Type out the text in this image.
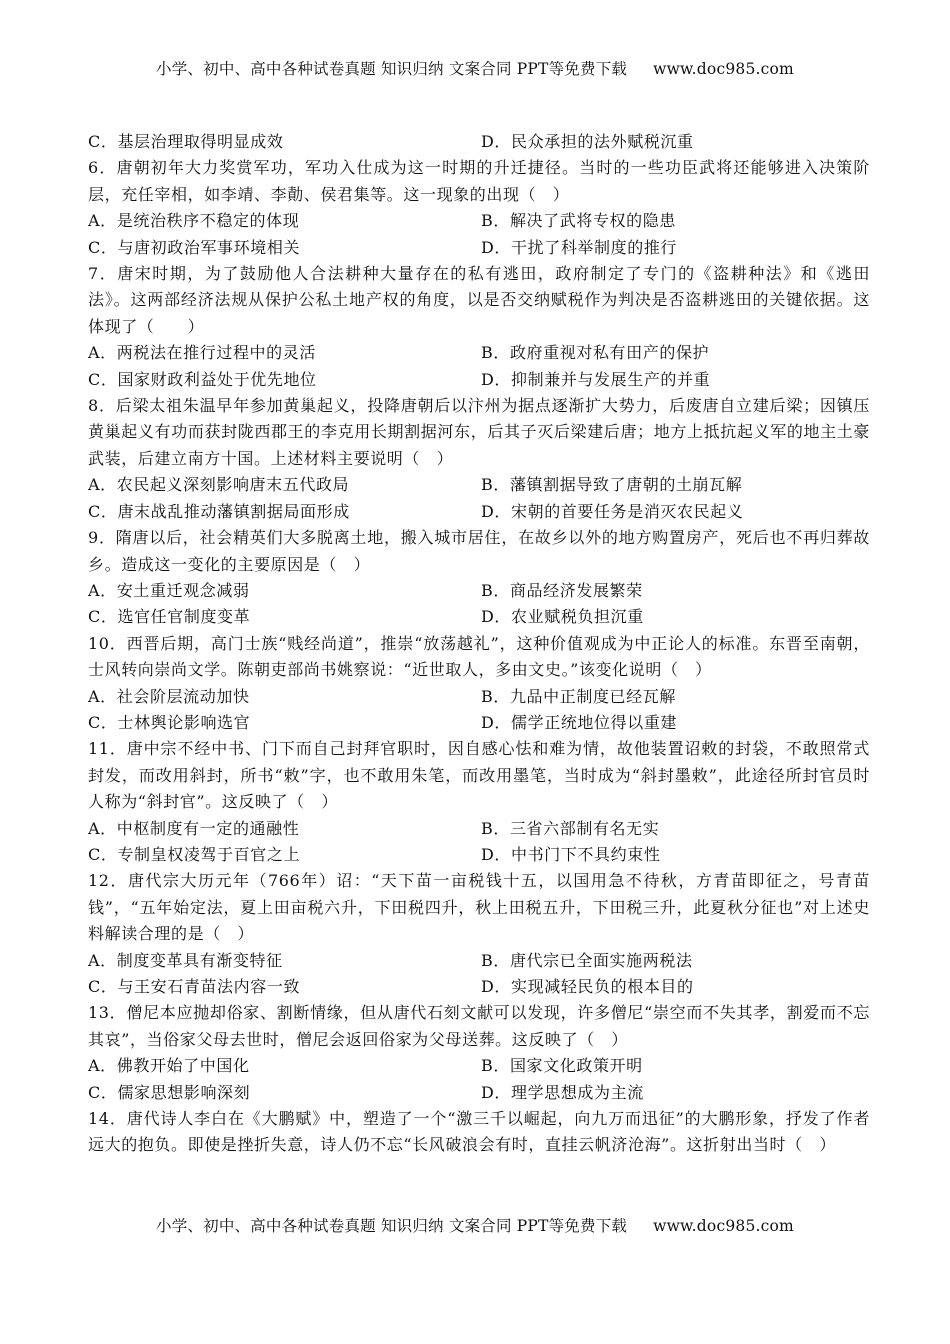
小学、初中、高中各种试卷真题 知识归纳 文案合同 PPT等免费下载 www.doc985.com
C．基层治理取得明显成效	D．民众承担的法外赋税沉重

6．唐朝初年大力奖赏军功，军功入仕成为这一时期的升迁捷径。当时的一些功臣武将还能够进入决策阶层，充任宰相，如李靖、李勣、侯君集等。这一现象的出现（　）

A．是统治秩序不稳定的体现	B．解决了武将专权的隐患
C．与唐初政治军事环境相关	D．干扰了科举制度的推行

7．唐宋时期，为了鼓励他人合法耕种大量存在的私有逃田，政府制定了专门的《盗耕种法》和《逃田法》。这两部经济法规从保护公私土地产权的角度，以是否交纳赋税作为判决是否盗耕逃田的关键依据。这体现了（　　）

A．两税法在推行过程中的灵活	B．政府重视对私有田产的保护
C．国家财政利益处于优先地位	D．抑制兼并与发展生产的并重

8．后梁太祖朱温早年参加黄巢起义，投降唐朝后以汴州为据点逐渐扩大势力，后废唐自立建后梁；因镇压黄巢起义有功而获封陇西郡王的李克用长期割据河东，后其子灭后梁建后唐；地方上抵抗起义军的地主土豪武装，后建立南方十国。上述材料主要说明（　）

A．农民起义深刻影响唐末五代政局	B．藩镇割据导致了唐朝的土崩瓦解
C．唐末战乱推动藩镇割据局面形成	D．宋朝的首要任务是消灭农民起义

9．隋唐以后，社会精英们大多脱离土地，搬入城市居住，在故乡以外的地方购置房产，死后也不再归葬故乡。造成这一变化的主要原因是（　）

A．安土重迁观念减弱	B．商品经济发展繁荣
C．选官任官制度变革	D．农业赋税负担沉重

10．西晋后期，高门士族“贱经尚道”，推崇“放荡越礼”，这种价值观成为中正论人的标准。东晋至南朝，士风转向崇尚文学。陈朝吏部尚书姚察说：“近世取人，多由文史。”该变化说明（　）

A．社会阶层流动加快	B．九品中正制度已经瓦解
C．士林舆论影响选官	D．儒学正统地位得以重建

11．唐中宗不经中书、门下而自己封拜官职时，因自感心怯和难为情，故他装置诏敕的封袋，不敢照常式封发，而改用斜封，所书“敕”字，也不敢用朱笔，而改用墨笔，当时成为“斜封墨敕”，此途径所封官员时人称为“斜封官”。这反映了（　）

A．中枢制度有一定的通融性	B．三省六部制有名无实
C．专制皇权凌驾于百官之上	D．中书门下不具约束性

12．唐代宗大历元年（766年）诏：“天下苗一亩税钱十五，以国用急不待秋，方青苗即征之，号青苗钱”，“五年始定法，夏上田亩税六升，下田税四升，秋上田税五升，下田税三升，此夏秋分征也”对上述史料解读合理的是（　）

A．制度变革具有渐变特征	B．唐代宗已全面实施两税法
C．与王安石青苗法内容一致	D．实现减轻民负的根本目的

13．僧尼本应抛却俗家、割断情缘，但从唐代石刻文献可以发现，许多僧尼“崇空而不失其孝，割爱而不忘其哀”，当俗家父母去世时，僧尼会返回俗家为父母送葬。这反映了（　）

A．佛教开始了中国化	B．国家文化政策开明
C．儒家思想影响深刻	D．理学思想成为主流

14．唐代诗人李白在《大鹏赋》中，塑造了一个“激三千以崛起，向九万而迅征”的大鹏形象，抒发了作者远大的抱负。即使是挫折失意，诗人仍不忘“长风破浪会有时，直挂云帆济沧海”。这折射出当时（　）

小学、初中、高中各种试卷真题 知识归纳 文案合同 PPT等免费下载 www.doc985.com
